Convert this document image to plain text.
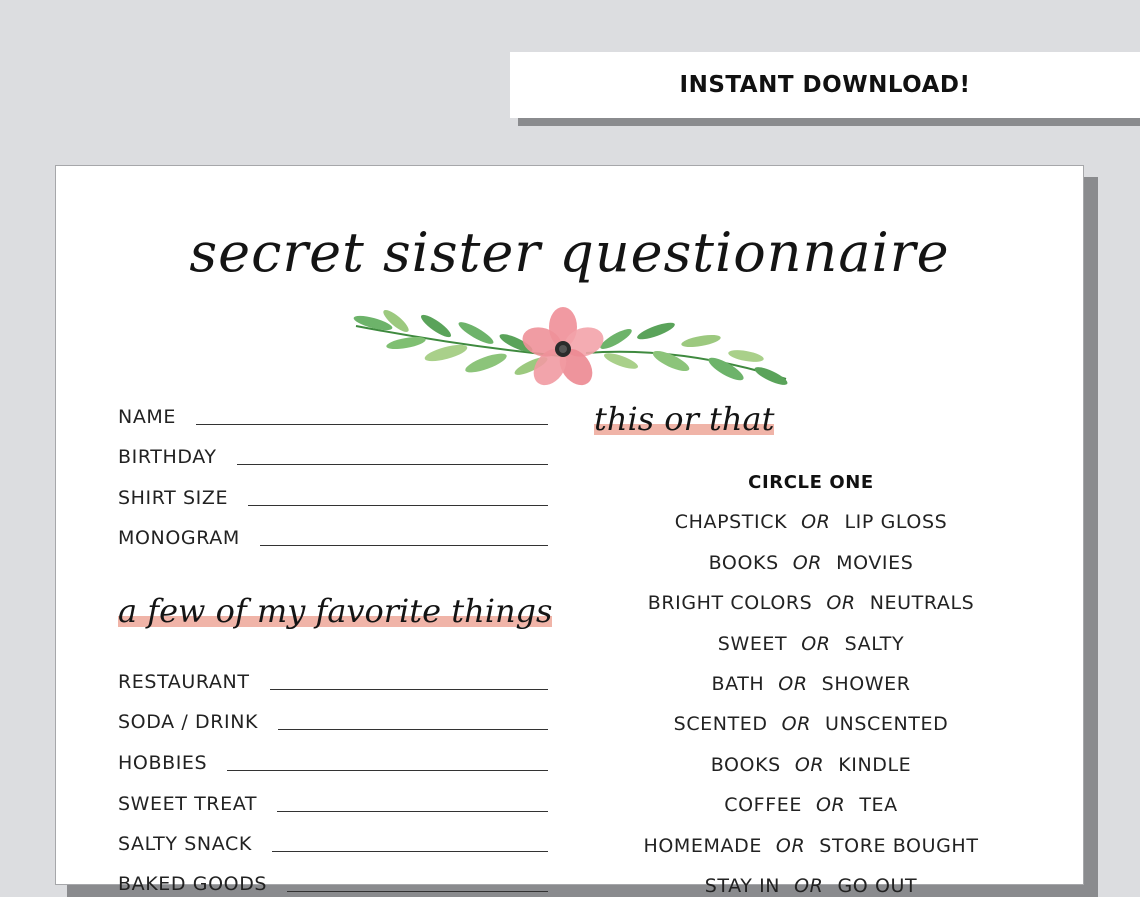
INSTANT DOWNLOAD!
secret sister questionnaire
NAME
BIRTHDAY
SHIRT SIZE
MONOGRAM
a few of my favorite things
RESTAURANT
SODA / DRINK
HOBBIES
SWEET TREAT
SALTY SNACK
BAKED GOODS
this or that
CIRCLE ONE
CHAPSTICK OR LIP GLOSS
BOOKS OR MOVIES
BRIGHT COLORS OR NEUTRALS
SWEET OR SALTY
BATH OR SHOWER
SCENTED OR UNSCENTED
BOOKS OR KINDLE
COFFEE OR TEA
HOMEMADE OR STORE BOUGHT
STAY IN OR GO OUT
